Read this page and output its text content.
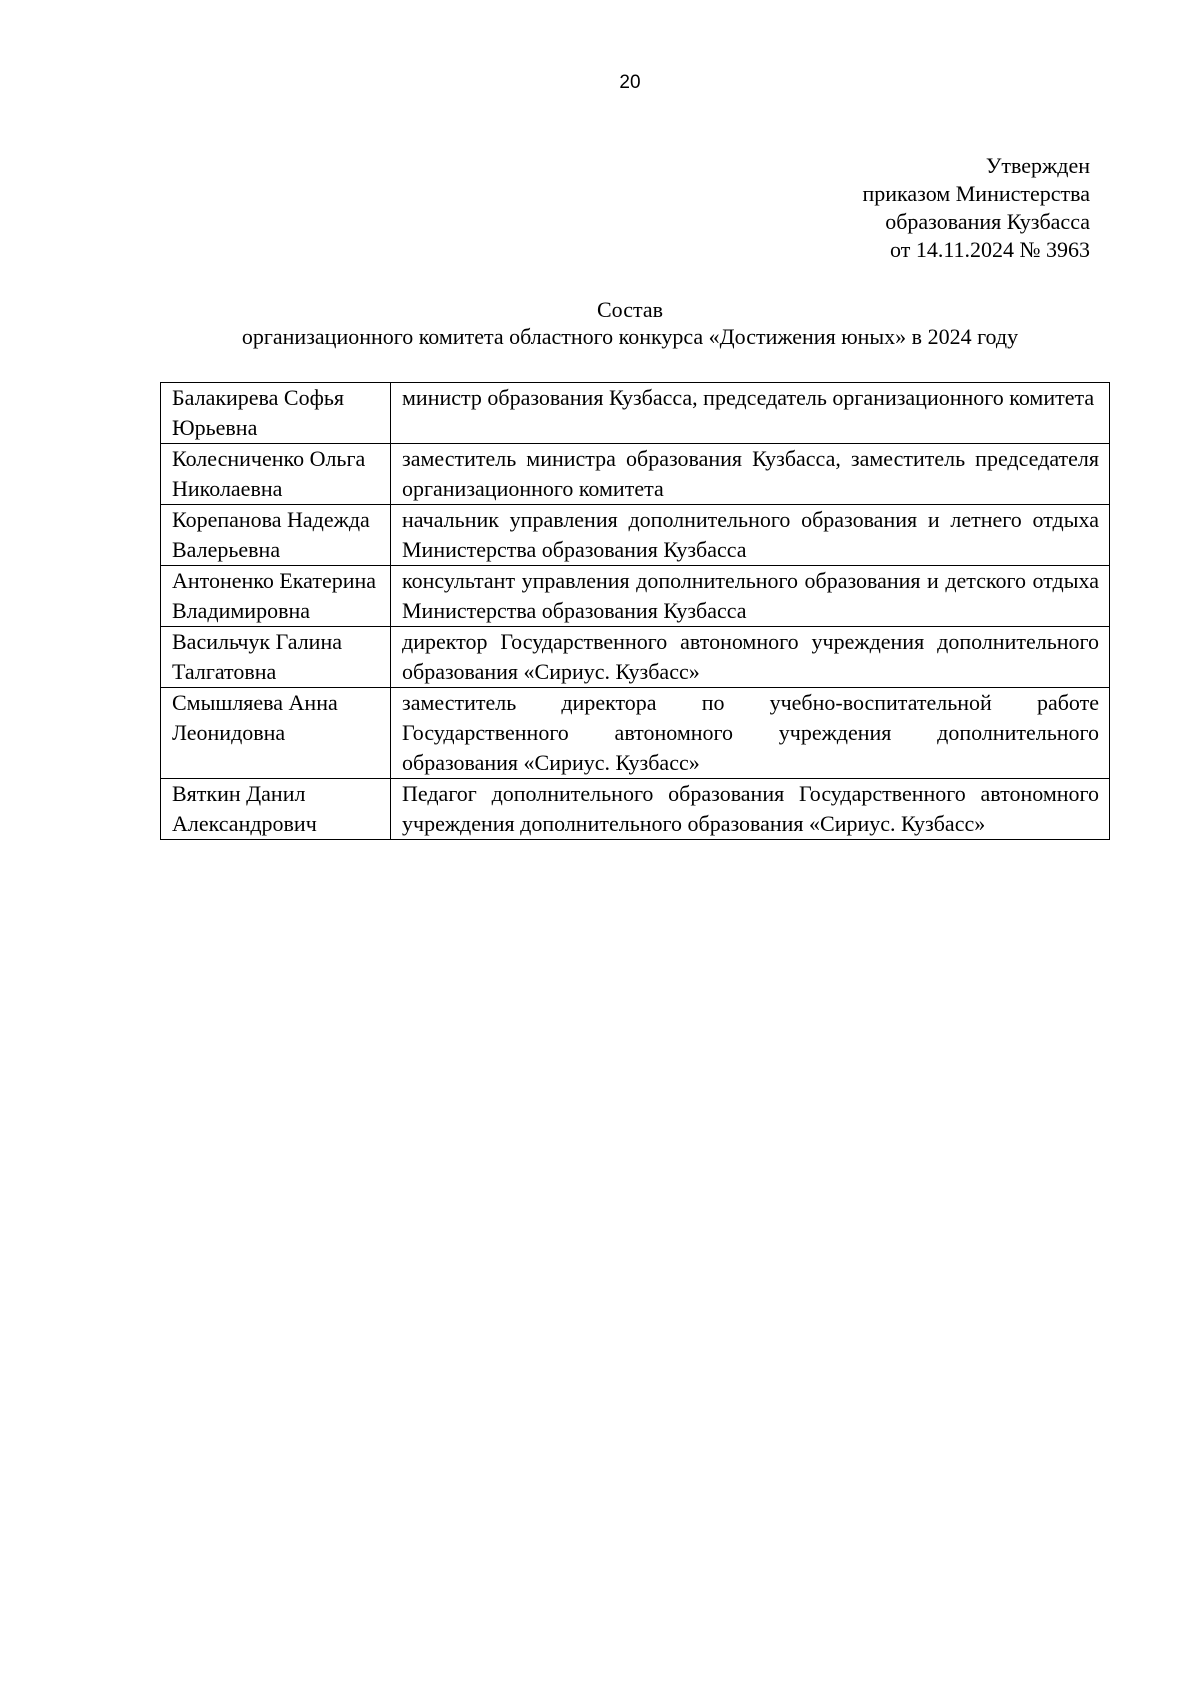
20
Утвержден
приказом Министерства
образования Кузбасса
от 14.11.2024 № 3963
Состав
организационного комитета областного конкурса «Достижения юных» в 2024 году
Балакирева Софья Юрьевна	министр образования Кузбасса, председатель организационного комитета
Колесниченко Ольга Николаевна	заместитель министра образования Кузбасса, заместитель председателя организационного комитета
Корепанова Надежда Валерьевна	начальник управления дополнительного образования и летнего отдыха Министерства образования Кузбасса
Антоненко Екатерина Владимировна	консультант управления дополнительного образования и детского отдыха Министерства образования Кузбасса
Васильчук Галина Талгатовна	директор Государственного автономного учреждения дополнительного образования «Сириус. Кузбасс»
Смышляева Анна Леонидовна	заместитель директора по учебно-воспитательной работе Государственного автономного учреждения дополнительного образования «Сириус. Кузбасс»
Вяткин Данил Александрович	Педагог дополнительного образования Государственного автономного учреждения дополнительного образования «Сириус. Кузбасс»
